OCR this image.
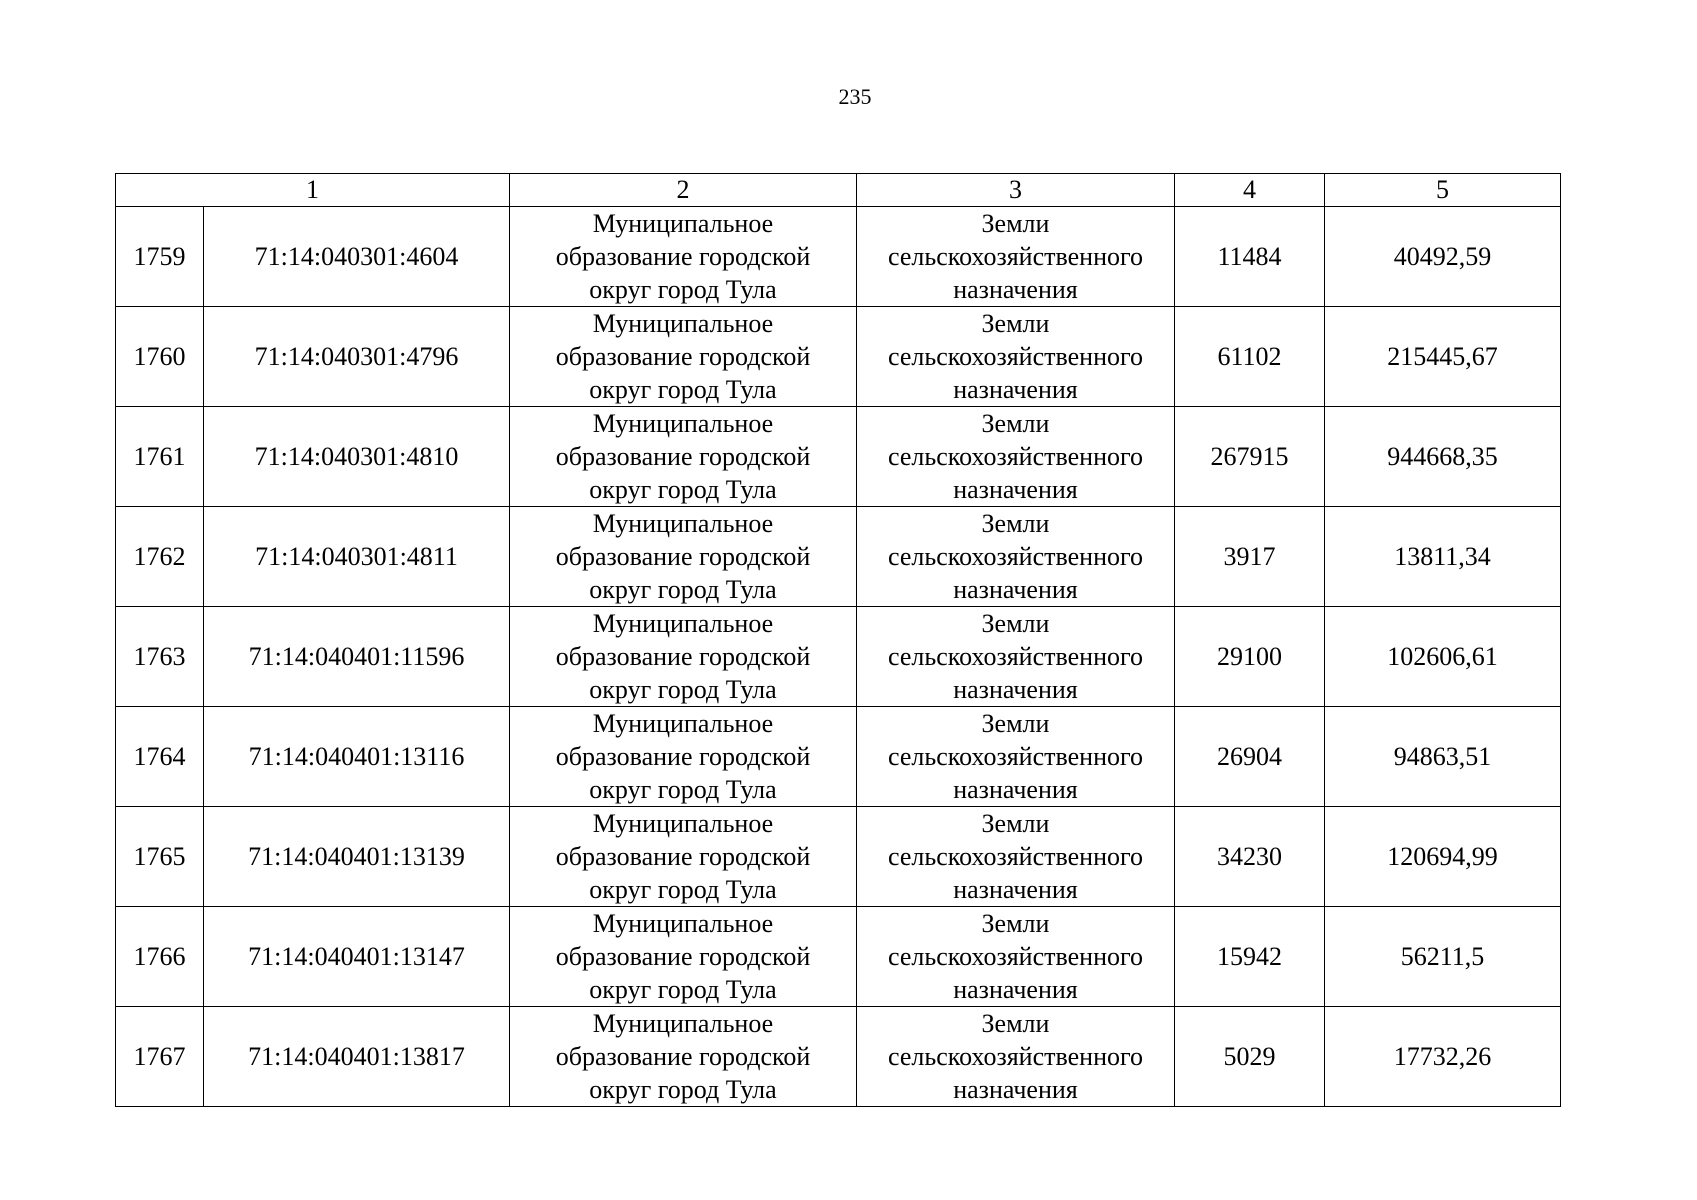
235
1		2	3	4	5
1759	71:14:040301:4604	Муниципальное
образование городской
округ город Тула	Земли
сельскохозяйственного
назначения	11484	40492,59
1760	71:14:040301:4796	Муниципальное
образование городской
округ город Тула	Земли
сельскохозяйственного
назначения	61102	215445,67
1761	71:14:040301:4810	Муниципальное
образование городской
округ город Тула	Земли
сельскохозяйственного
назначения	267915	944668,35
1762	71:14:040301:4811	Муниципальное
образование городской
округ город Тула	Земли
сельскохозяйственного
назначения	3917	13811,34
1763	71:14:040401:11596	Муниципальное
образование городской
округ город Тула	Земли
сельскохозяйственного
назначения	29100	102606,61
1764	71:14:040401:13116	Муниципальное
образование городской
округ город Тула	Земли
сельскохозяйственного
назначения	26904	94863,51
1765	71:14:040401:13139	Муниципальное
образование городской
округ город Тула	Земли
сельскохозяйственного
назначения	34230	120694,99
1766	71:14:040401:13147	Муниципальное
образование городской
округ город Тула	Земли
сельскохозяйственного
назначения	15942	56211,5
1767	71:14:040401:13817	Муниципальное
образование городской
округ город Тула	Земли
сельскохозяйственного
назначения	5029	17732,26
